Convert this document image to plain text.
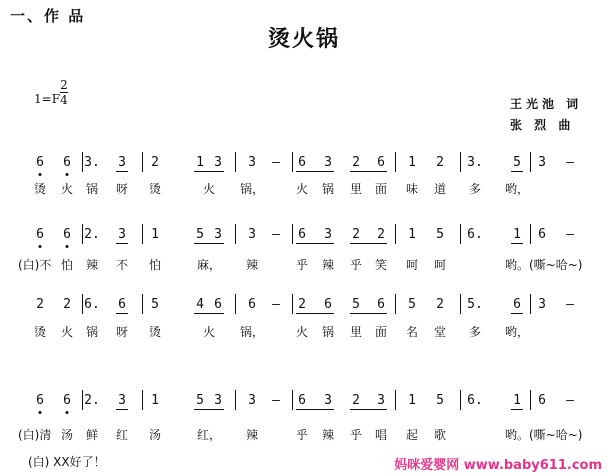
一、作 品
烫火锅
1=F
2
4	王光池 词
张 烈 曲
6 6 3. 3 2	1 3 3 – 6 3 2 6 1 2 3. 5 3 –
烫 火 锅 呀 烫	火 锅，	火 锅 里 面 味 道 多 哟，
6 6 2. 3 1	5 3 3 – 6 3 2 2 1 5 6. 1 6 –
(白)不 怕 辣 不 怕	麻， 辣	乎 辣 乎 笑 呵 呵	哟。(嘶~哈~)
2 2 6. 6 5	4 6 6 – 2 6 5 6 5 2 5. 6 3 –
烫 火 锅 呀 烫	火 锅，	火 锅 里 面 名 堂 多 哟，
6 6 2. 3 1	5 3 3 – 6 3 2 3 1 5 6. 1 6 –
(白)清 汤 鲜 红 汤	红， 辣	乎 辣 乎 唱 起 歌	哟。(嘶~哈~)
(白) XX好了！	妈咪爱婴网 www.baby611.com
